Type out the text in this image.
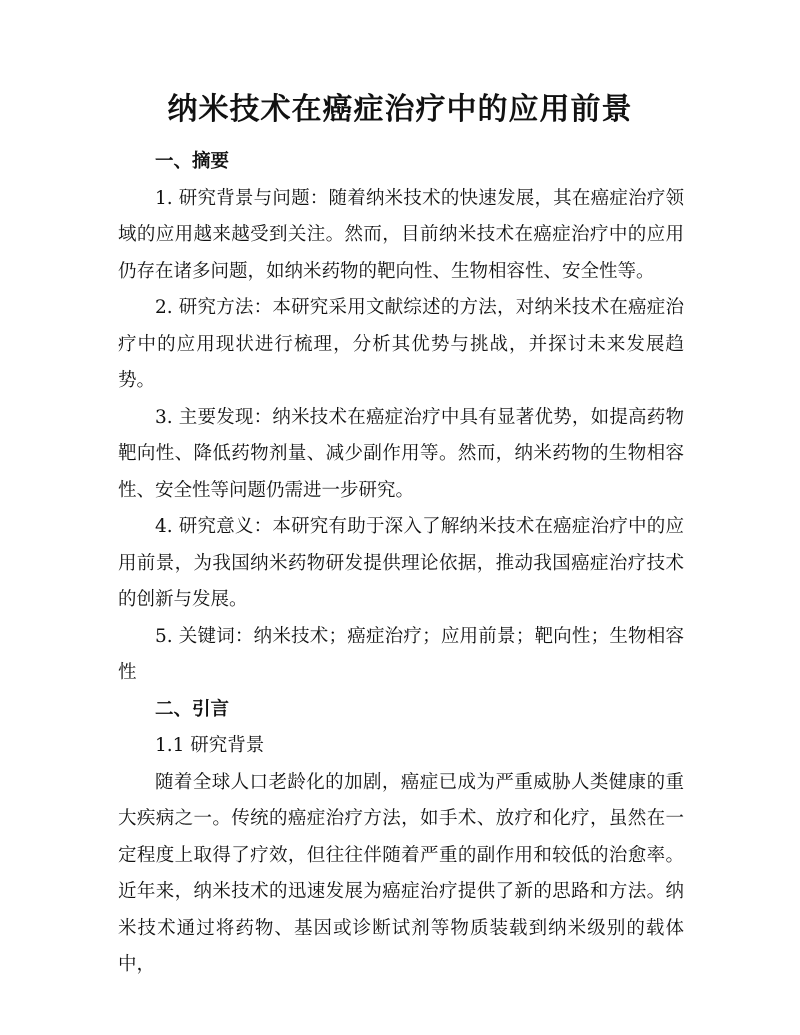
纳米技术在癌症治疗中的应用前景

一、摘要

1. 研究背景与问题：随着纳米技术的快速发展，其在癌症治疗领域的应用越来越受到关注。然而，目前纳米技术在癌症治疗中的应用仍存在诸多问题，如纳米药物的靶向性、生物相容性、安全性等。

2. 研究方法：本研究采用文献综述的方法，对纳米技术在癌症治疗中的应用现状进行梳理，分析其优势与挑战，并探讨未来发展趋势。

3. 主要发现：纳米技术在癌症治疗中具有显著优势，如提高药物靶向性、降低药物剂量、减少副作用等。然而，纳米药物的生物相容性、安全性等问题仍需进一步研究。

4. 研究意义：本研究有助于深入了解纳米技术在癌症治疗中的应用前景，为我国纳米药物研发提供理论依据，推动我国癌症治疗技术的创新与发展。

5. 关键词：纳米技术；癌症治疗；应用前景；靶向性；生物相容性

二、引言

1.1 研究背景

随着全球人口老龄化的加剧，癌症已成为严重威胁人类健康的重大疾病之一。传统的癌症治疗方法，如手术、放疗和化疗，虽然在一定程度上取得了疗效，但往往伴随着严重的副作用和较低的治愈率。近年来，纳米技术的迅速发展为癌症治疗提供了新的思路和方法。纳米技术通过将药物、基因或诊断试剂等物质装载到纳米级别的载体中，
